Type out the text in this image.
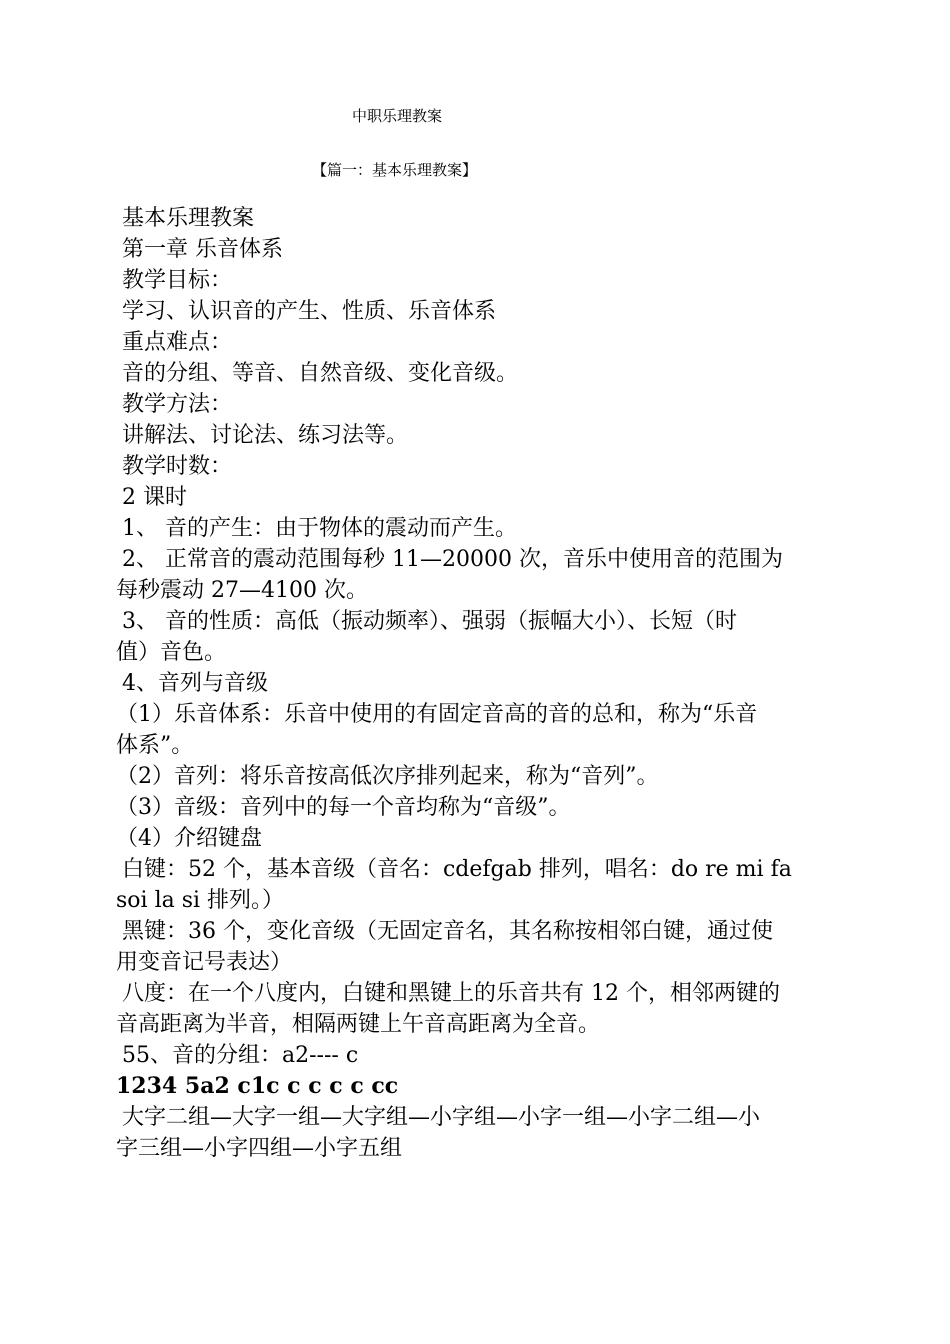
中职乐理教案
【篇一：基本乐理教案】

基本乐理教案

第一章 乐音体系

教学目标：

学习、认识音的产生、性质、乐音体系

重点难点：

音的分组、等音、自然音级、变化音级。

教学方法：

讲解法、讨论法、练习法等。

教学时数：

2 课时

1、 音的产生：由于物体的震动而产生。

2、 正常音的震动范围每秒 11—20000 次，音乐中使用音的范围为

每秒震动 27—4100 次。

3、 音的性质：高低（振动频率）、强弱（振幅大小）、长短（时

值）音色。

4、音列与音级

（1）乐音体系：乐音中使用的有固定音高的音的总和，称为“乐音

体系”。

（2）音列：将乐音按高低次序排列起来，称为“音列”。

（3）音级：音列中的每一个音均称为“音级”。

（4）介绍键盘

白键：52 个，基本音级（音名：cdefgab 排列，唱名：do re mi fa

soi la si 排列。）

黑键：36 个，变化音级（无固定音名，其名称按相邻白键，通过使

用变音记号表达）

八度：在一个八度内，白键和黑键上的乐音共有 12 个，相邻两键的

音高距离为半音，相隔两键上午音高距离为全音。

55、音的分组：a2---- c

1234 5a2 c1c c c c c cc

大字二组—大字一组—大字组—小字组—小字一组—小字二组—小

字三组—小字四组—小字五组
